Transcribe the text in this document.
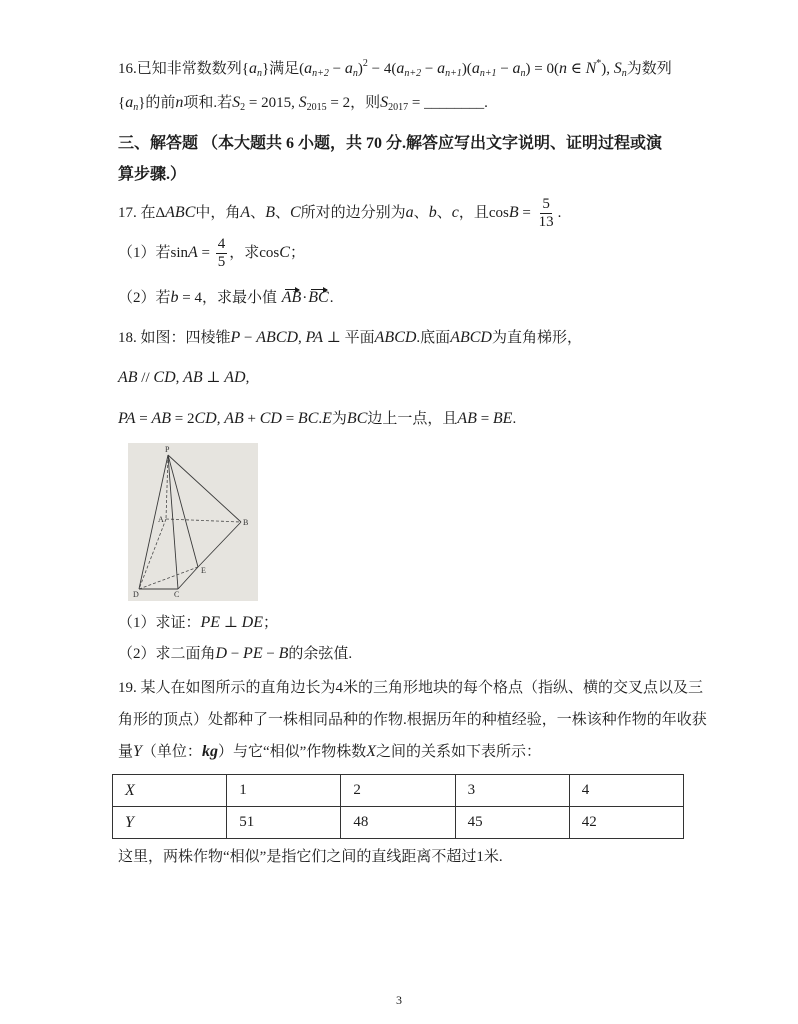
16.已知非常数数列$\{a_n\}$满足$(a_{n+2} - a_n)^2 - 4(a_{n+2} - a_{n+1})(a_{n+1} - a_n) = 0(n$ ∈ N*), $S_n$为数列
$\{a_n\}$的前n项和.若$S_2 = 2015$, $S_{2015} = 2$，则$S_{2017}$ = ________.
三、解答题 （本大题共 6 小题，共 70 分.解答应写出文字说明、证明过程或演
算步骤.）
17. 在ΔABC中，角A、B、C所对的边分别为a、b、c，且$\cos B = \frac{5}{13}$ .
（1）若$\sin A = \frac{4}{5}$ ，求cosC；
（2）若b = 4，求最小值 AB·BC.
18. 如图：四棱锥P − ABCD, PA ⊥ 平面ABCD.底面ABCD为直角梯形，
AB // CD, AB ⊥ AD,
PA = AB = 2CD, AB + CD = BC.E为BC边上一点，且AB = BE.
P
A	B
E
D	C
（1）求证：PE ⊥ DE；
（2）求二面角D − PE − B的余弦值.
19. 某人在如图所示的直角边长为4米的三角形地块的每个格点（指纵、横的交叉点以及三
角形的顶点）处都种了一株相同品种的作物.根据历年的种植经验，一株该种作物的年收获
量Y（单位：kg）与它“相似”作物株数X之间的关系如下表所示：
X	1	2	3	4
Y	51	48	45	42
这里，两株作物“相似”是指它们之间的直线距离不超过1米.
3
